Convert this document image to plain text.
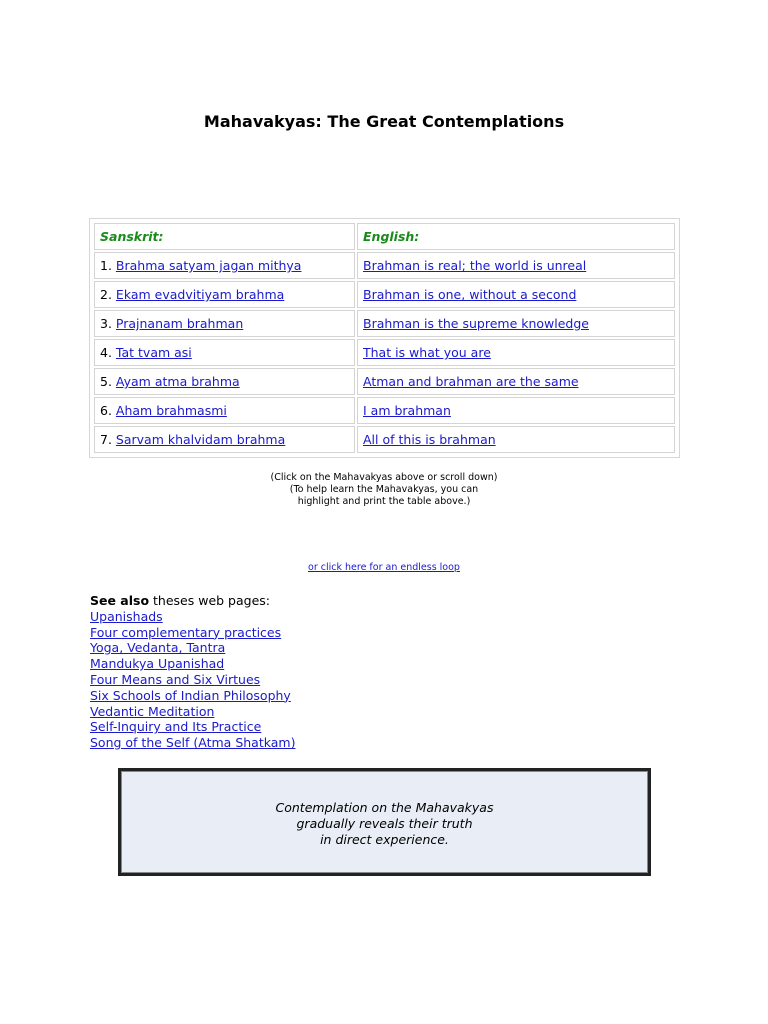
Mahavakyas: The Great Contemplations
Sanskrit:	English:
1. Brahma satyam jagan mithya	Brahman is real; the world is unreal
2. Ekam evadvitiyam brahma	Brahman is one, without a second
3. Prajnanam brahman	Brahman is the supreme knowledge
4. Tat tvam asi	That is what you are
5. Ayam atma brahma	Atman and brahman are the same
6. Aham brahmasmi	I am brahman
7. Sarvam khalvidam brahma	All of this is brahman
(Click on the Mahavakyas above or scroll down)
(To help learn the Mahavakyas, you can
highlight and print the table above.)
or click here for an endless loop
See also theses web pages:
Upanishads
Four complementary practices
Yoga, Vedanta, Tantra
Mandukya Upanishad
Four Means and Six Virtues
Six Schools of Indian Philosophy
Vedantic Meditation
Self-Inquiry and Its Practice
Song of the Self (Atma Shatkam)
Contemplation on the Mahavakyas
gradually reveals their truth
in direct experience.
